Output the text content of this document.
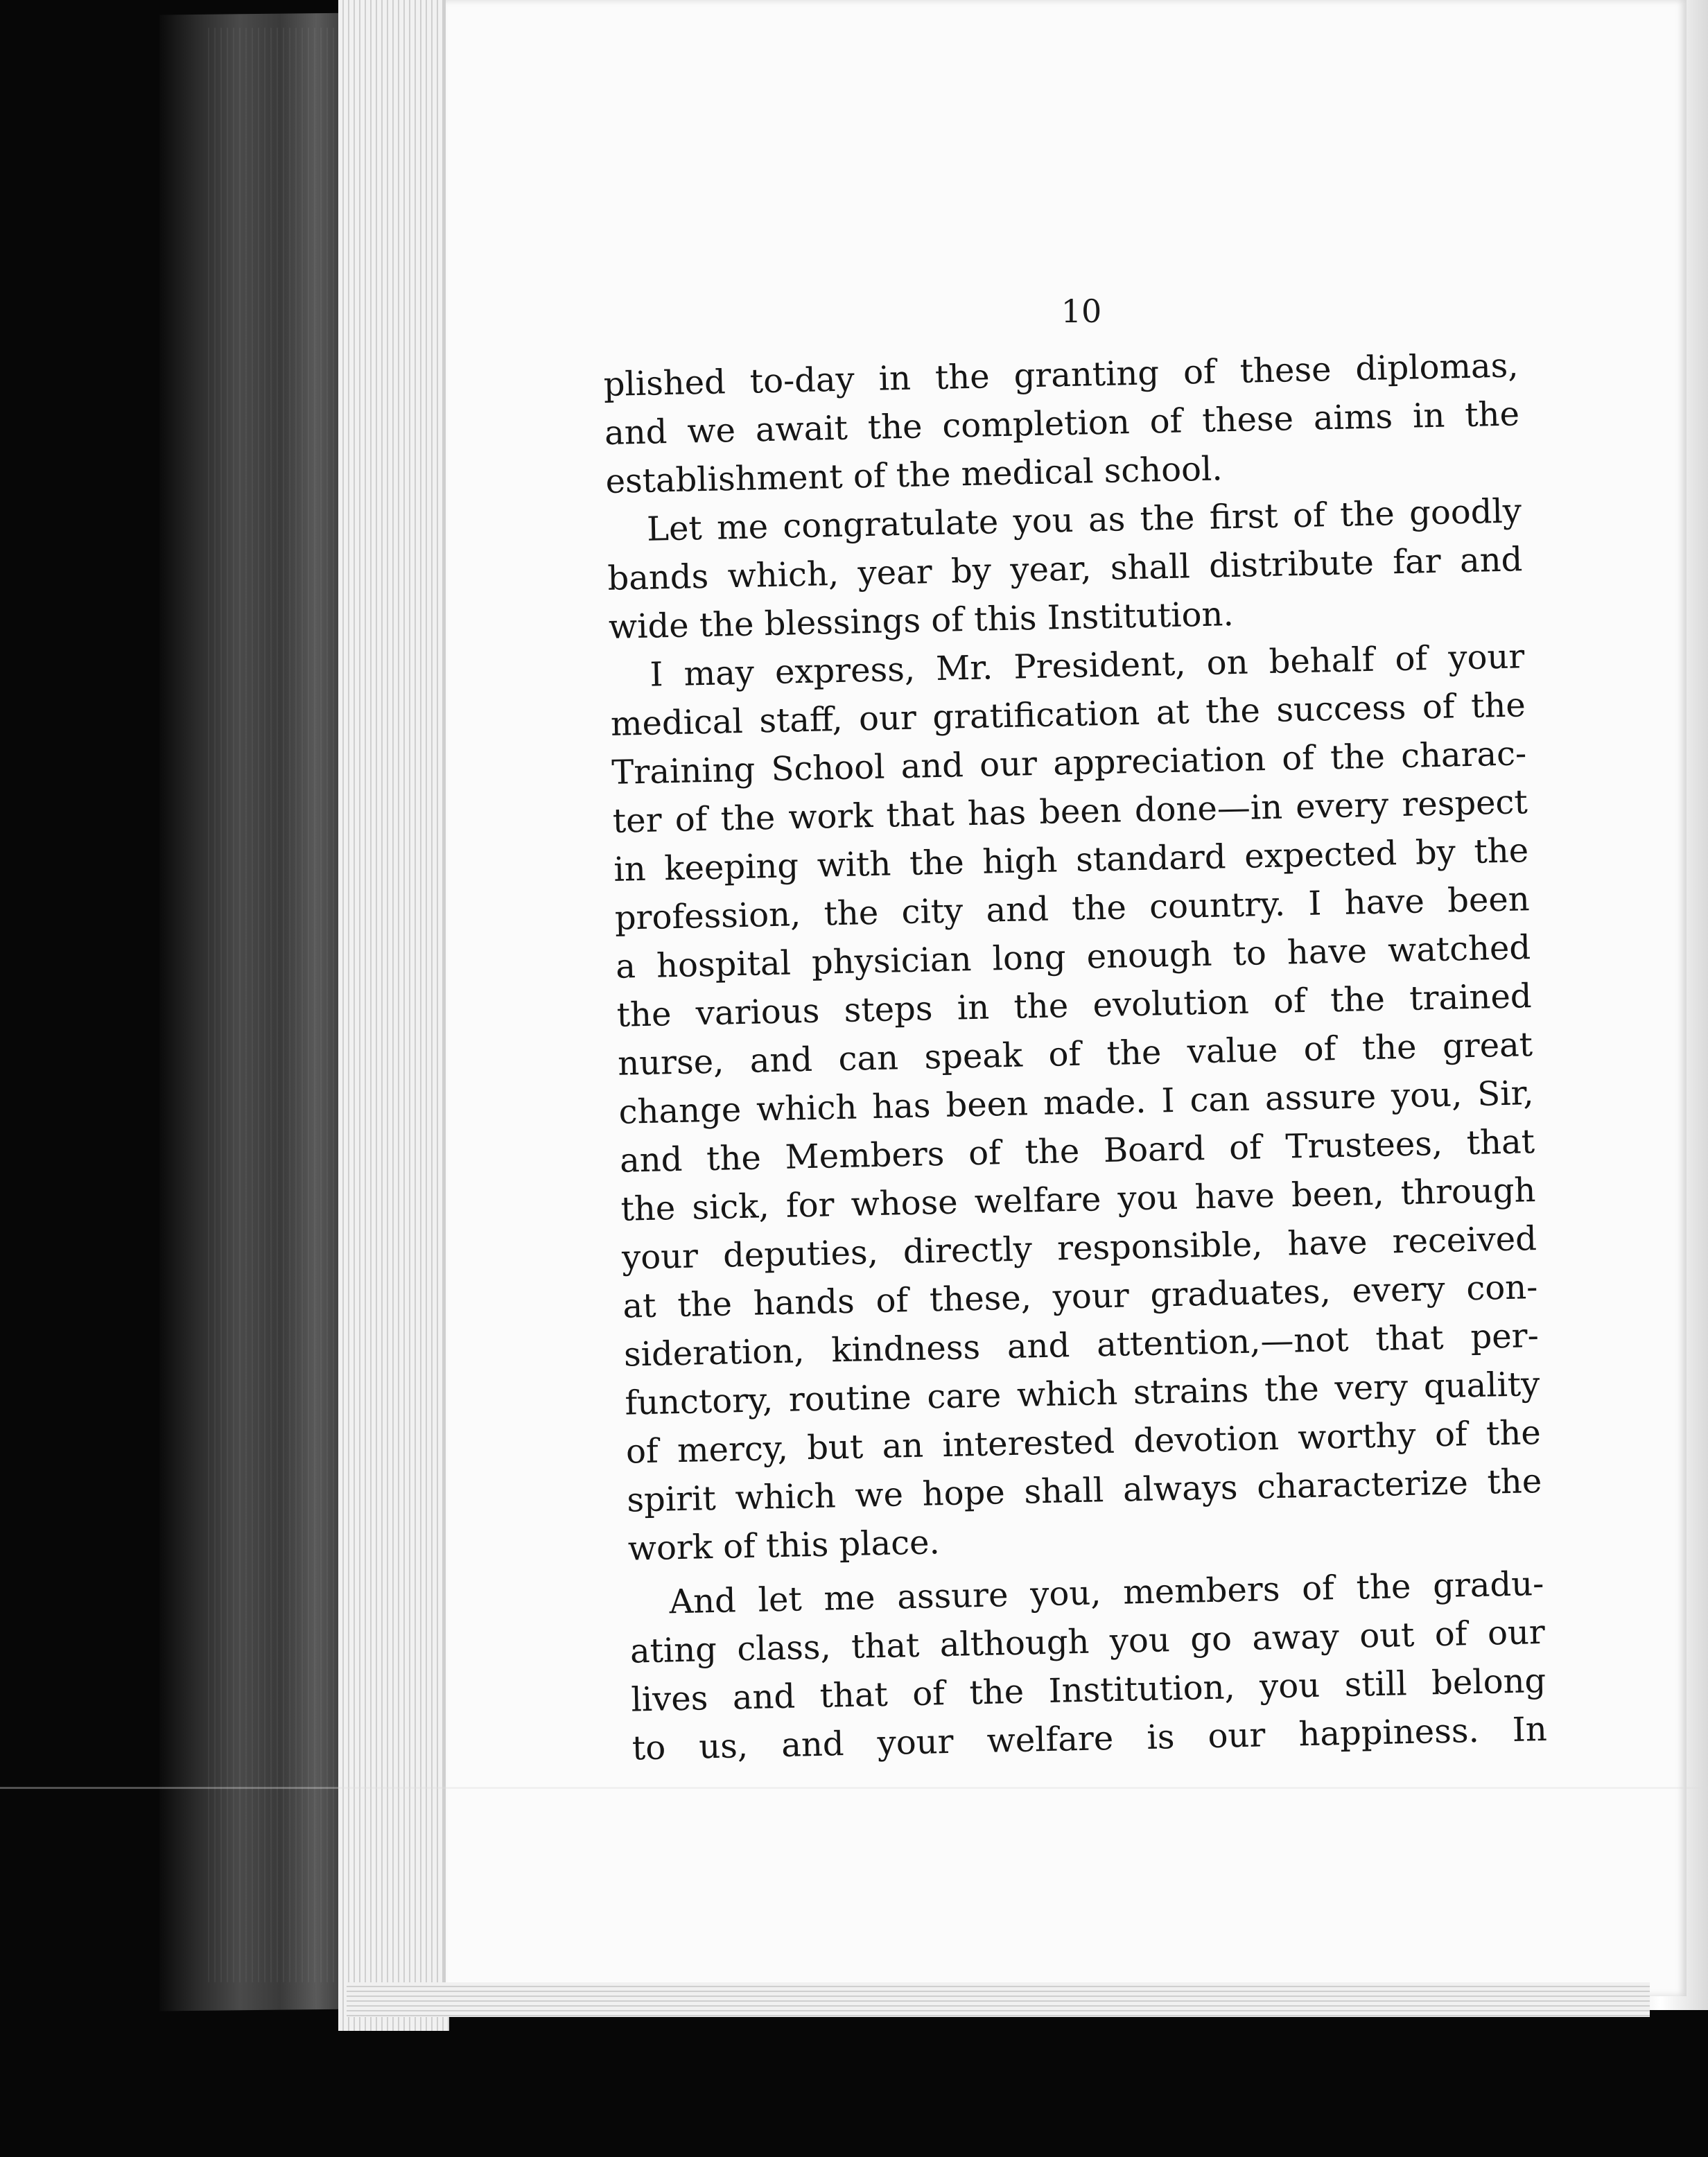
10
plished to-day in the granting of these diplomas,
and we await the completion of these aims in the
establishment of the medical school.
Let me congratulate you as the first of the goodly
bands which, year by year, shall distribute far and
wide the blessings of this Institution.
I may express, Mr. President, on behalf of your
medical staff, our gratification at the success of the
Training School and our appreciation of the charac-
ter of the work that has been done—in every respect
in keeping with the high standard expected by the
profession, the city and the country. I have been
a hospital physician long enough to have watched
the various steps in the evolution of the trained
nurse, and can speak of the value of the great
change which has been made. I can assure you, Sir,
and the Members of the Board of Trustees, that
the sick, for whose welfare you have been, through
your deputies, directly responsible, have received
at the hands of these, your graduates, every con-
sideration, kindness and attention,—not that per-
functory, routine care which strains the very quality
of mercy, but an interested devotion worthy of the
spirit which we hope shall always characterize the
work of this place.
And let me assure you, members of the gradu-
ating class, that although you go away out of our
lives and that of the Institution, you still belong
to us, and your welfare is our happiness. In
